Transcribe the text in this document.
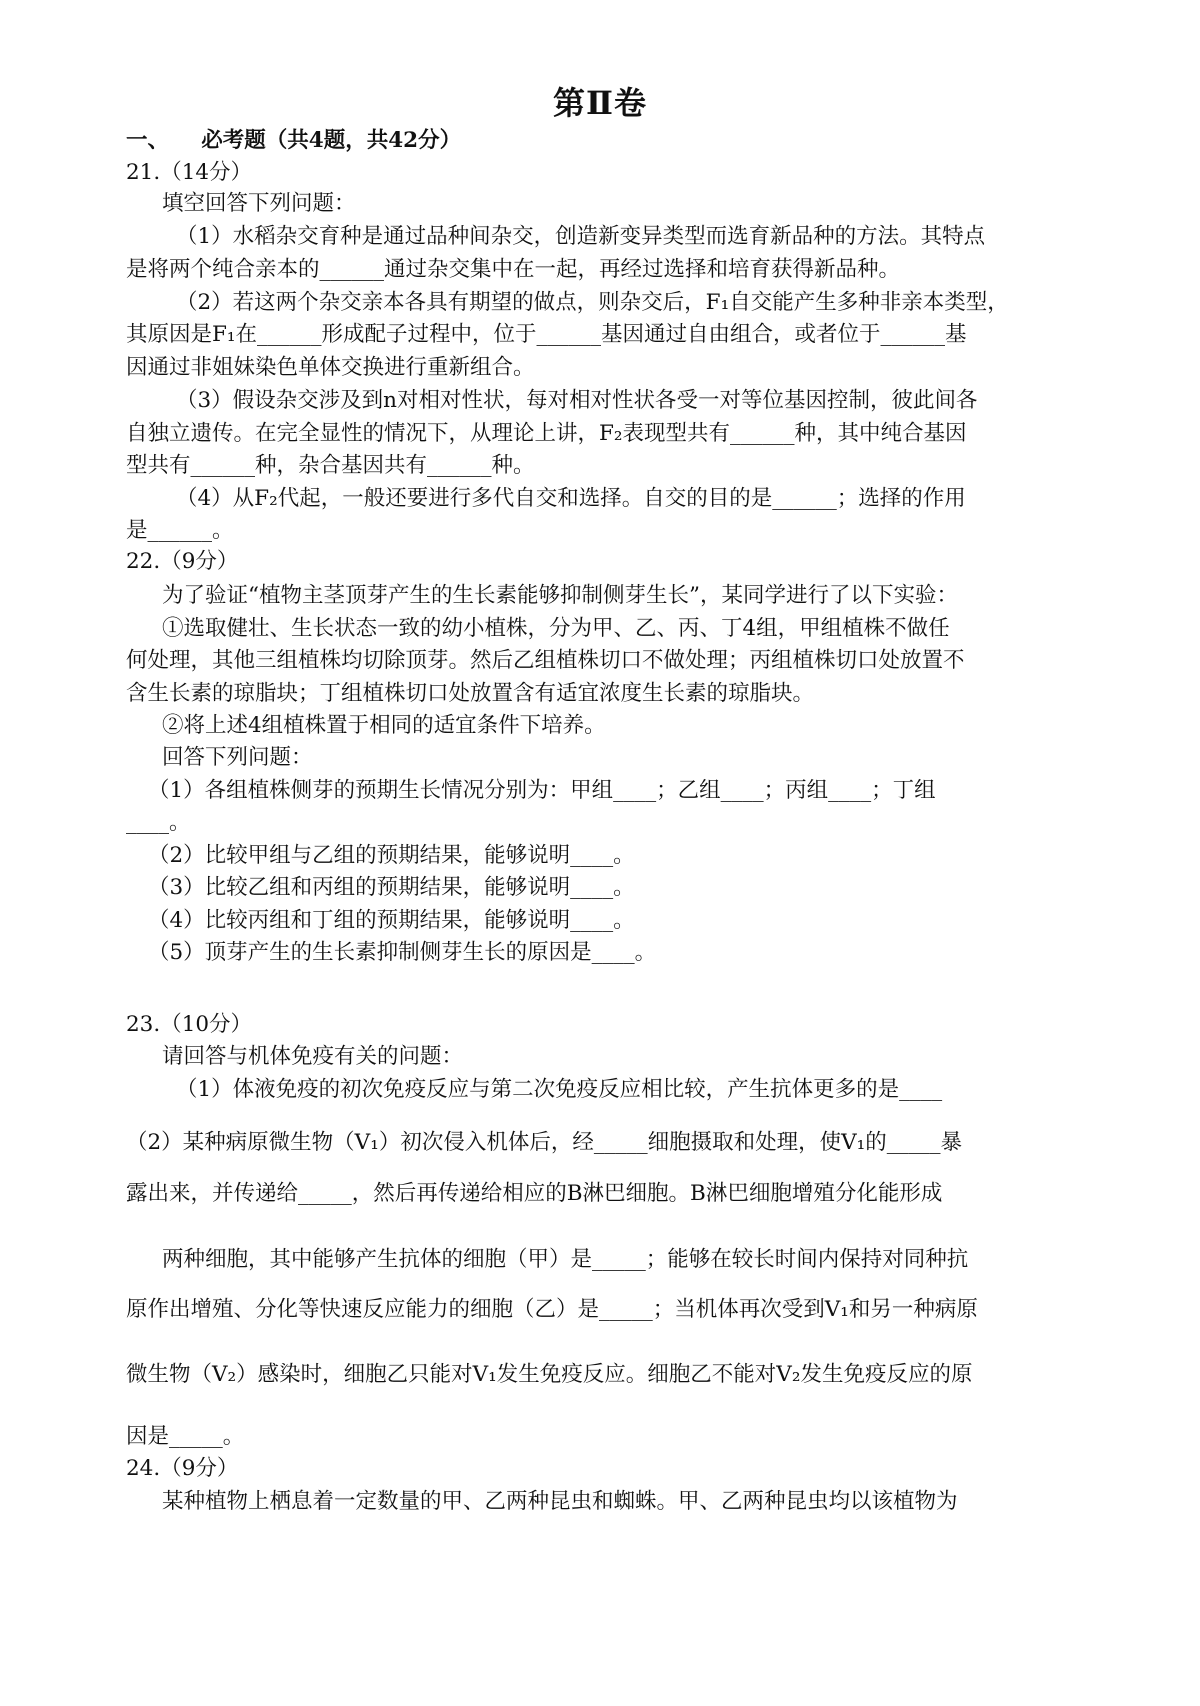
第Ⅱ卷
一、　　必考题（共4题，共42分）
21.（14分）
填空回答下列问题：
（1）水稻杂交育种是通过品种间杂交，创造新变异类型而选育新品种的方法。其特点
是将两个纯合亲本的______通过杂交集中在一起，再经过选择和培育获得新品种。
（2）若这两个杂交亲本各具有期望的做点，则杂交后，F₁自交能产生多种非亲本类型，
其原因是F₁在______形成配子过程中，位于______基因通过自由组合，或者位于______基
因通过非姐妹染色单体交换进行重新组合。
（3）假设杂交涉及到n对相对性状，每对相对性状各受一对等位基因控制，彼此间各
自独立遗传。在完全显性的情况下，从理论上讲，F₂表现型共有______种，其中纯合基因
型共有______种，杂合基因共有______种。
（4）从F₂代起，一般还要进行多代自交和选择。自交的目的是______；选择的作用
是______。
22.（9分）
为了验证“植物主茎顶芽产生的生长素能够抑制侧芽生长”，某同学进行了以下实验：
①选取健壮、生长状态一致的幼小植株，分为甲、乙、丙、丁4组，甲组植株不做任
何处理，其他三组植株均切除顶芽。然后乙组植株切口不做处理；丙组植株切口处放置不
含生长素的琼脂块；丁组植株切口处放置含有适宜浓度生长素的琼脂块。
②将上述4组植株置于相同的适宜条件下培养。
回答下列问题：
（1）各组植株侧芽的预期生长情况分别为：甲组____；乙组____；丙组____；丁组
____。
（2）比较甲组与乙组的预期结果，能够说明____。
（3）比较乙组和丙组的预期结果，能够说明____。
（4）比较丙组和丁组的预期结果，能够说明____。
（5）顶芽产生的生长素抑制侧芽生长的原因是____。
23.（10分）
请回答与机体免疫有关的问题：
（1）体液免疫的初次免疫反应与第二次免疫反应相比较，产生抗体更多的是____
（2）某种病原微生物（V₁）初次侵入机体后，经_____细胞摄取和处理，使V₁的_____暴
露出来，并传递给_____，然后再传递给相应的B淋巴细胞。B淋巴细胞增殖分化能形成
两种细胞，其中能够产生抗体的细胞（甲）是_____；能够在较长时间内保持对同种抗
原作出增殖、分化等快速反应能力的细胞（乙）是_____；当机体再次受到V₁和另一种病原
微生物（V₂）感染时，细胞乙只能对V₁发生免疫反应。细胞乙不能对V₂发生免疫反应的原
因是_____。
24.（9分）
某种植物上栖息着一定数量的甲、乙两种昆虫和蜘蛛。甲、乙两种昆虫均以该植物为
